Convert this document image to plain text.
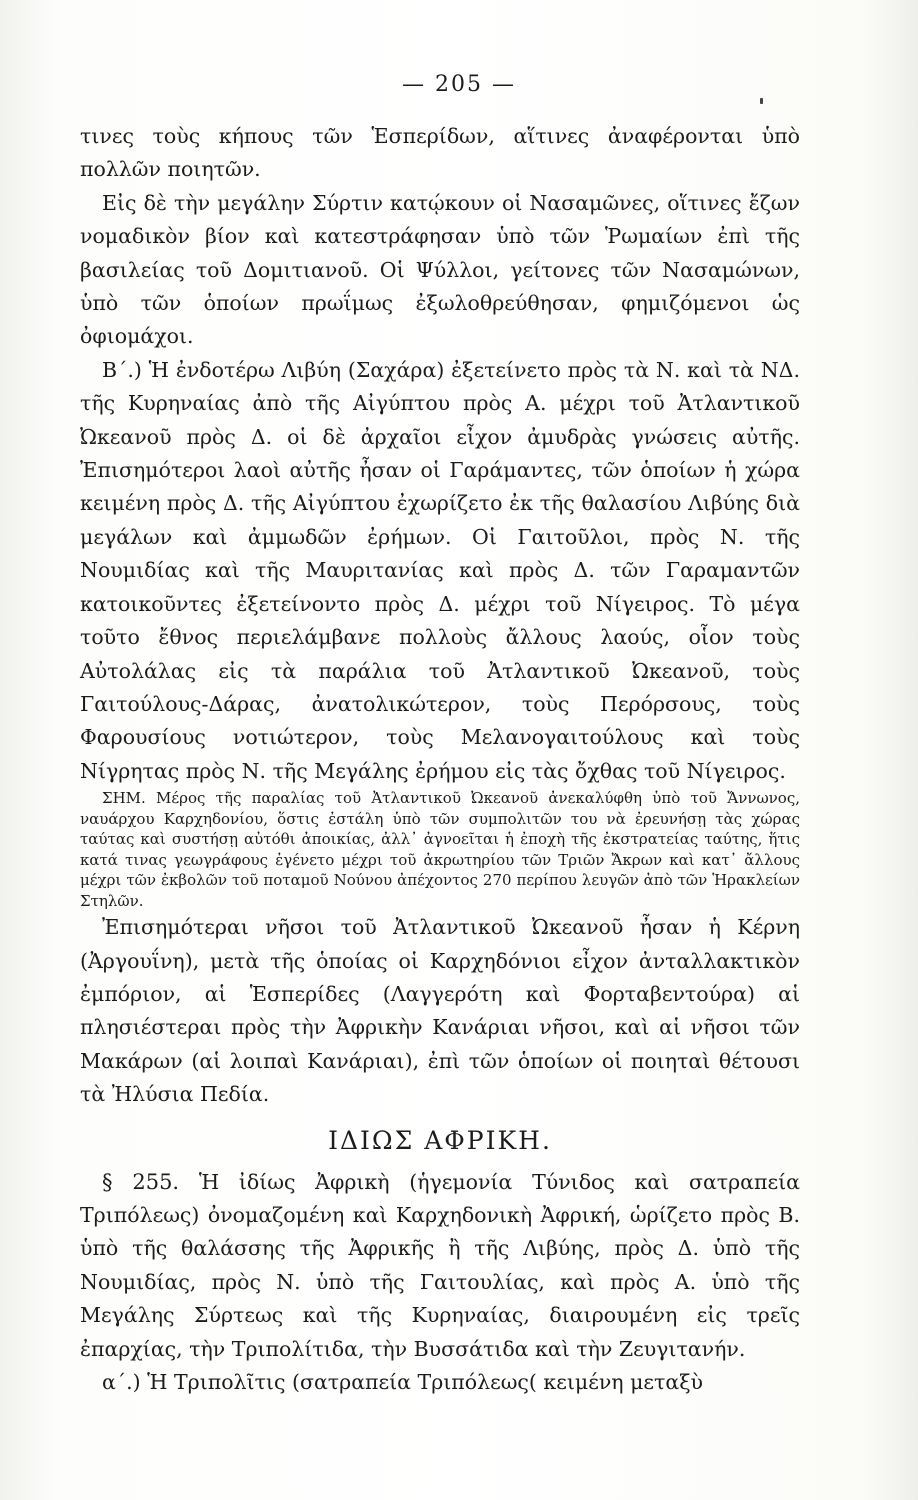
— 205 —

τινες τοὺς κήπους τῶν Ἑσπερίδων, αἵτινες ἀναφέρονται ὑπὸ πολλῶν ποιητῶν.

Εἰς δὲ τὴν μεγάλην Σύρτιν κατῴκουν οἱ Νασαμῶνες, οἵτινες ἔζων νομαδικὸν βίον καὶ κατεστράφησαν ὑπὸ τῶν Ῥωμαίων ἐπὶ τῆς βασιλείας τοῦ Δομιτιανοῦ. Οἱ Ψύλλοι, γείτονες τῶν Νασαμώνων, ὑπὸ τῶν ὁποίων πρωΐμως ἐξωλοθρεύθησαν, φημιζόμενοι ὡς ὀφιομάχοι.

Β΄.) Ἡ ἐνδοτέρω Λιβύη (Σαχάρα) ἐξετείνετο πρὸς τὰ Ν. καὶ τὰ ΝΔ. τῆς Κυρηναίας ἀπὸ τῆς Αἰγύπτου πρὸς Α. μέχρι τοῦ Ἀτλαντικοῦ Ὠκεανοῦ πρὸς Δ. οἱ δὲ ἀρχαῖοι εἶχον ἀμυδρὰς γνώσεις αὐτῆς. Ἐπισημότεροι λαοὶ αὐτῆς ἦσαν οἱ Γαράμαντες, τῶν ὁποίων ἡ χώρα κειμένη πρὸς Δ. τῆς Αἰγύπτου ἐχωρίζετο ἐκ τῆς θαλασίου Λιβύης διὰ μεγάλων καὶ ἀμμωδῶν ἐρήμων. Οἱ Γαιτοῦλοι, πρὸς Ν. τῆς Νουμιδίας καὶ τῆς Μαυριτανίας καὶ πρὸς Δ. τῶν Γαραμαντῶν κατοικοῦντες ἐξετείνοντο πρὸς Δ. μέχρι τοῦ Νίγειρος. Τὸ μέγα τοῦτο ἔθνος περιελάμβανε πολλοὺς ἄλλους λαούς, οἷον τοὺς Αὐτολάλας εἰς τὰ παράλια τοῦ Ἀτλαντικοῦ Ὠκεανοῦ, τοὺς Γαιτούλους-Δάρας, ἀνατολικώτερον, τοὺς Περόρσους, τοὺς Φαρουσίους νοτιώτερον, τοὺς Μελανογαιτούλους καὶ τοὺς Νίγρητας πρὸς Ν. τῆς Μεγάλης ἐρήμου εἰς τὰς ὄχθας τοῦ Νίγειρος.

ΣΗΜ. Μέρος τῆς παραλίας τοῦ Ἀτλαντικοῦ Ὠκεανοῦ ἀνεκαλύφθη ὑπὸ τοῦ Ἄννωνος, ναυάρχου Καρχηδονίου, ὅστις ἐστάλη ὑπὸ τῶν συμπολιτῶν του νὰ ἐρευνήσῃ τὰς χώρας ταύτας καὶ συστήσῃ αὐτόθι ἀποικίας, ἀλλ᾽ ἀγνοεῖται ἡ ἐποχὴ τῆς ἐκστρατείας ταύτης, ἥτις κατά τινας γεωγράφους ἐγένετο μέχρι τοῦ ἀκρωτηρίου τῶν Τριῶν Ἄκρων καὶ κατ᾽ ἄλλους μέχρι τῶν ἐκβολῶν τοῦ ποταμοῦ Νούνου ἀπέχοντος 270 περίπου λευγῶν ἀπὸ τῶν Ἡρακλείων Στηλῶν.

Ἐπισημότεραι νῆσοι τοῦ Ἀτλαντικοῦ Ὠκεανοῦ ἦσαν ἡ Κέρνη (Ἀργουΐνη), μετὰ τῆς ὁποίας οἱ Καρχηδόνιοι εἶχον ἀνταλλακτικὸν ἐμπόριον, αἱ Ἑσπερίδες (Λαγγερότη καὶ Φορταβεντούρα) αἱ πλησιέστεραι πρὸς τὴν Ἀφρικὴν Κανάριαι νῆσοι, καὶ αἱ νῆσοι τῶν Μακάρων (αἱ λοιπαὶ Κανάριαι), ἐπὶ τῶν ὁποίων οἱ ποιηταὶ θέτουσι τὰ Ἠλύσια Πεδία.

ΙΔΙΩΣ ΑΦΡΙΚΗ.

§ 255. Ἡ ἰδίως Ἀφρικὴ (ἡγεμονία Τύνιδος καὶ σατραπεία Τριπόλεως) ὀνομαζομένη καὶ Καρχηδονικὴ Ἀφρική, ὡρίζετο πρὸς Β. ὑπὸ τῆς θαλάσσης τῆς Ἀφρικῆς ἢ τῆς Λιβύης, πρὸς Δ. ὑπὸ τῆς Νουμιδίας, πρὸς Ν. ὑπὸ τῆς Γαιτουλίας, καὶ πρὸς Α. ὑπὸ τῆς Μεγάλης Σύρτεως καὶ τῆς Κυρηναίας, διαιρουμένη εἰς τρεῖς ἐπαρχίας, τὴν Τριπολίτιδα, τὴν Βυσσάτιδα καὶ τὴν Ζευγιτανήν.

α΄.) Ἡ Τριπολῖτις (σατραπεία Τριπόλεως( κειμένη μεταξὺ
